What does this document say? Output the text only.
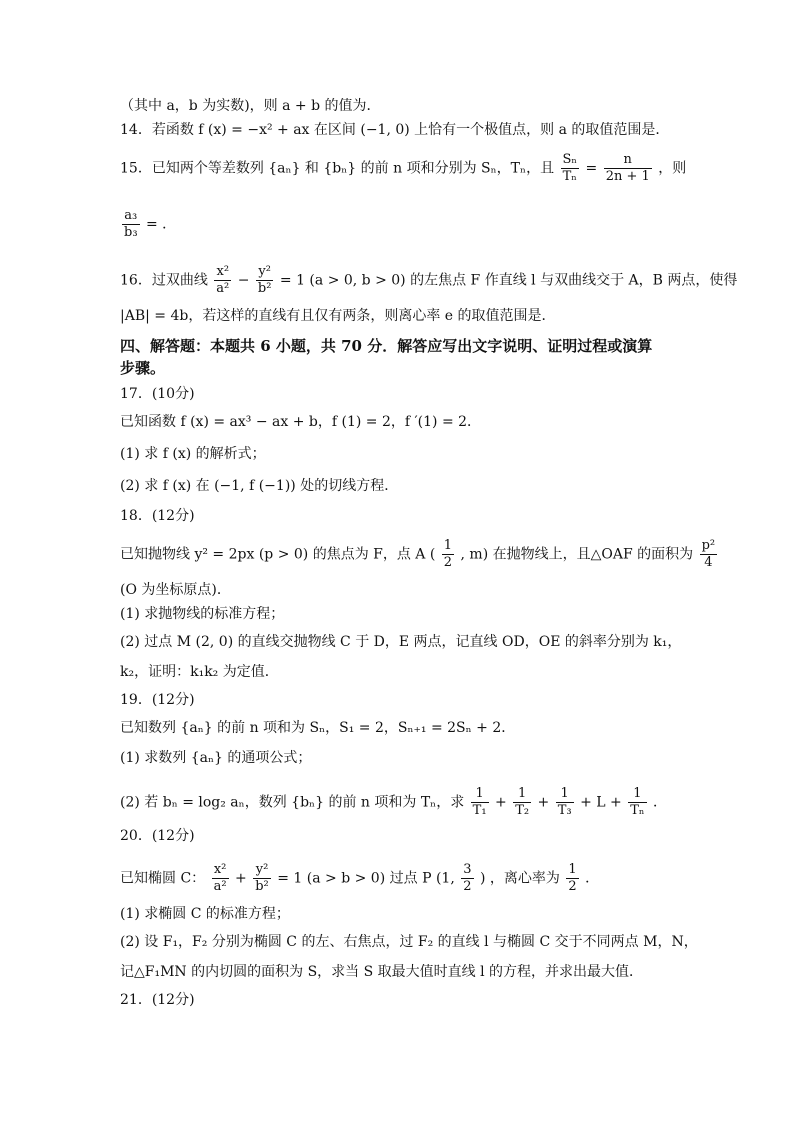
（其中 a，b 为实数)，则 a + b 的值为．
14．若函数 f (x) = −x² + ax 在区间 (−1, 0) 上恰有一个极值点，则 a 的取值范围是．
15．已知两个等差数列 {aₙ} 和 {bₙ} 的前 n 项和分别为 Sₙ，Tₙ，且 $\frac{\text{Sₙ}}{\text{Tₙ}} = \frac{n}{2n + 1}$ ，则
$\frac{\text{a₃}}{\text{b₃}}$ = ．
16．过双曲线 $\frac{\text{x²}}{\text{a²}} - \frac{\text{y²}}{\text{b²}} = 1$ (a > 0, b > 0) 的左焦点 F 作直线 l 与双曲线交于 A，B 两点，使得
|AB| = 4b，若这样的直线有且仅有两条，则离心率 e 的取值范围是．
四、解答题：本题共 6 小题，共 70 分．解答应写出文字说明、证明过程或演算
步骤。
17．(10分)
已知函数 f (x) = ax³ − ax + b，f (1) = 2，f ′(1) = 2．
(1) 求 f (x) 的解析式；
(2) 求 f (x) 在 (−1, f (−1)) 处的切线方程．
18．(12分)
已知抛物线 y² = 2px (p > 0) 的焦点为 F，点 A ( $\frac{1}{2}$ , m) 在抛物线上，且△OAF 的面积为 $\frac{\text{p²}}{4}$
(O 为坐标原点)．
(1) 求抛物线的标准方程；
(2) 过点 M (2, 0) 的直线交抛物线 C 于 D，E 两点，记直线 OD，OE 的斜率分别为 k₁，
k₂，证明：k₁k₂ 为定值．
19．(12分)
已知数列 {aₙ} 的前 n 项和为 Sₙ，S₁ = 2，Sₙ₊₁ = 2Sₙ + 2．
(1) 求数列 {aₙ} 的通项公式；
(2) 若 bₙ = log₂ aₙ，数列 {bₙ} 的前 n 项和为 Tₙ，求 $\frac{1}{\text{T₁}} + \frac{1}{\text{T₂}} + \frac{1}{\text{T₃}} + L + \frac{1}{\text{Tₙ}}$ ．
20．(12分)
已知椭圆 C： $\frac{\text{x²}}{\text{a²}} + \frac{\text{y²}}{\text{b²}} = 1$ (a > b > 0) 过点 P (1, $\frac{3}{2}$ ) ，离心率为 $\frac{1}{2}$ ．
(1) 求椭圆 C 的标准方程；
(2) 设 F₁，F₂ 分别为椭圆 C 的左、右焦点，过 F₂ 的直线 l 与椭圆 C 交于不同两点 M，N，
记△F₁MN 的内切圆的面积为 S，求当 S 取最大值时直线 l 的方程，并求出最大值．
21．(12分)
